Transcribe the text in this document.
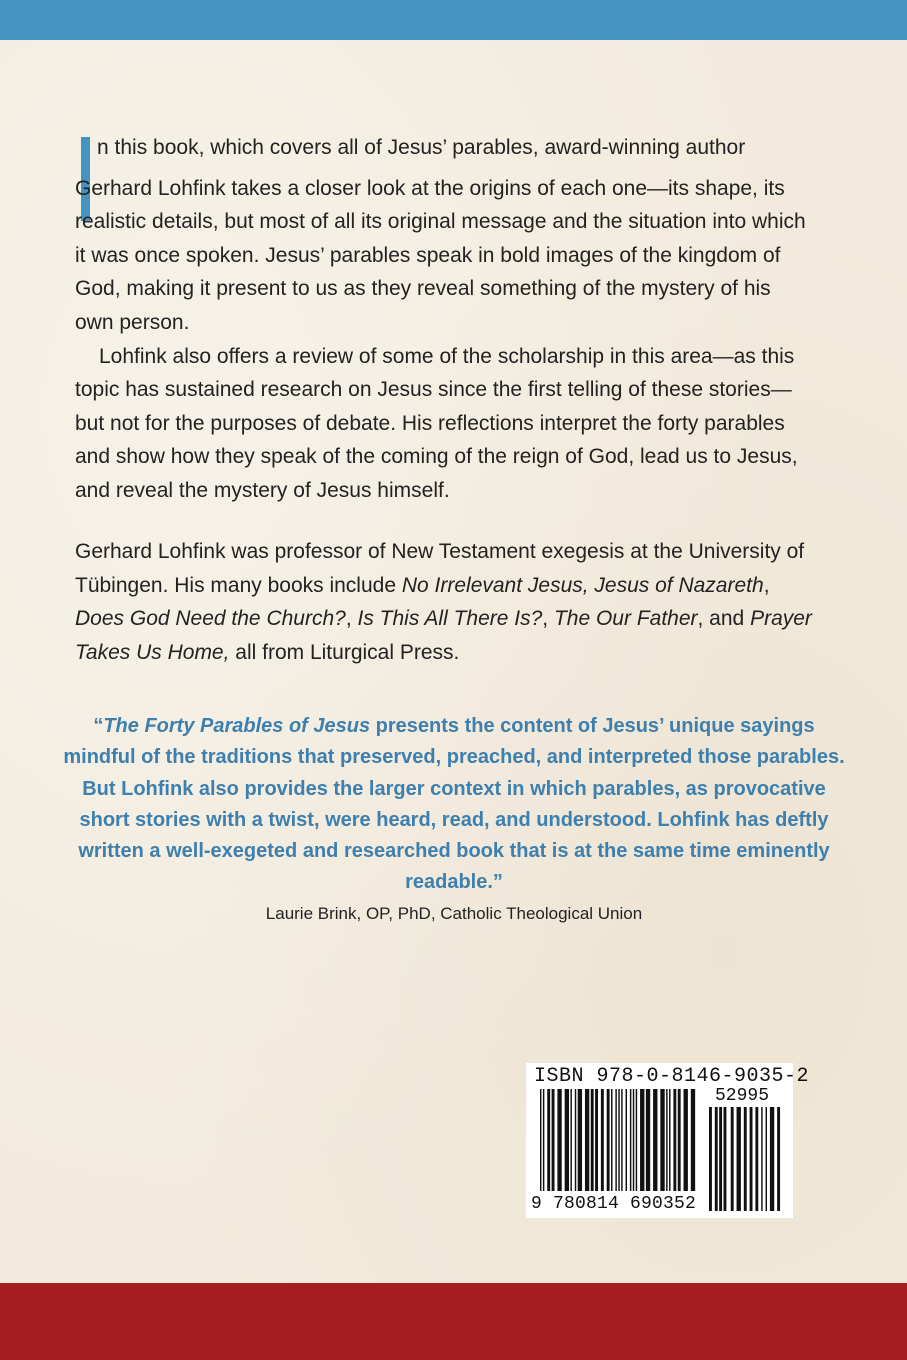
n this book, which covers all of Jesus’ parables, award-winning author Gerhard Lohfink takes a closer look at the origins of each one—its shape, its realistic details, but most of all its original message and the situation into which it was once spoken. Jesus’ parables speak in bold images of the kingdom of God, making it present to us as they reveal something of the mystery of his own person.

Lohfink also offers a review of some of the scholarship in this area—as this topic has sustained research on Jesus since the first telling of these stories—but not for the purposes of debate. His reflections interpret the forty parables and show how they speak of the coming of the reign of God, lead us to Jesus, and reveal the mystery of Jesus himself.

Gerhard Lohfink was professor of New Testament exegesis at the University of Tübingen. His many books include No Irrelevant Jesus, Jesus of Nazareth, Does God Need the Church?, Is This All There Is?, The Our Father, and Prayer Takes Us Home, all from Liturgical Press.

“The Forty Parables of Jesus presents the content of Jesus’ unique sayings mindful of the traditions that preserved, preached, and interpreted those parables. But Lohfink also provides the larger context in which parables, as provocative short stories with a twist, were heard, read, and understood. Lohfink has deftly written a well-exegeted and researched book that is at the same time eminently readable.”

Laurie Brink, OP, PhD, Catholic Theological Union
ISBN 978-0-8146-9035-2
52995
9 780814 690352
